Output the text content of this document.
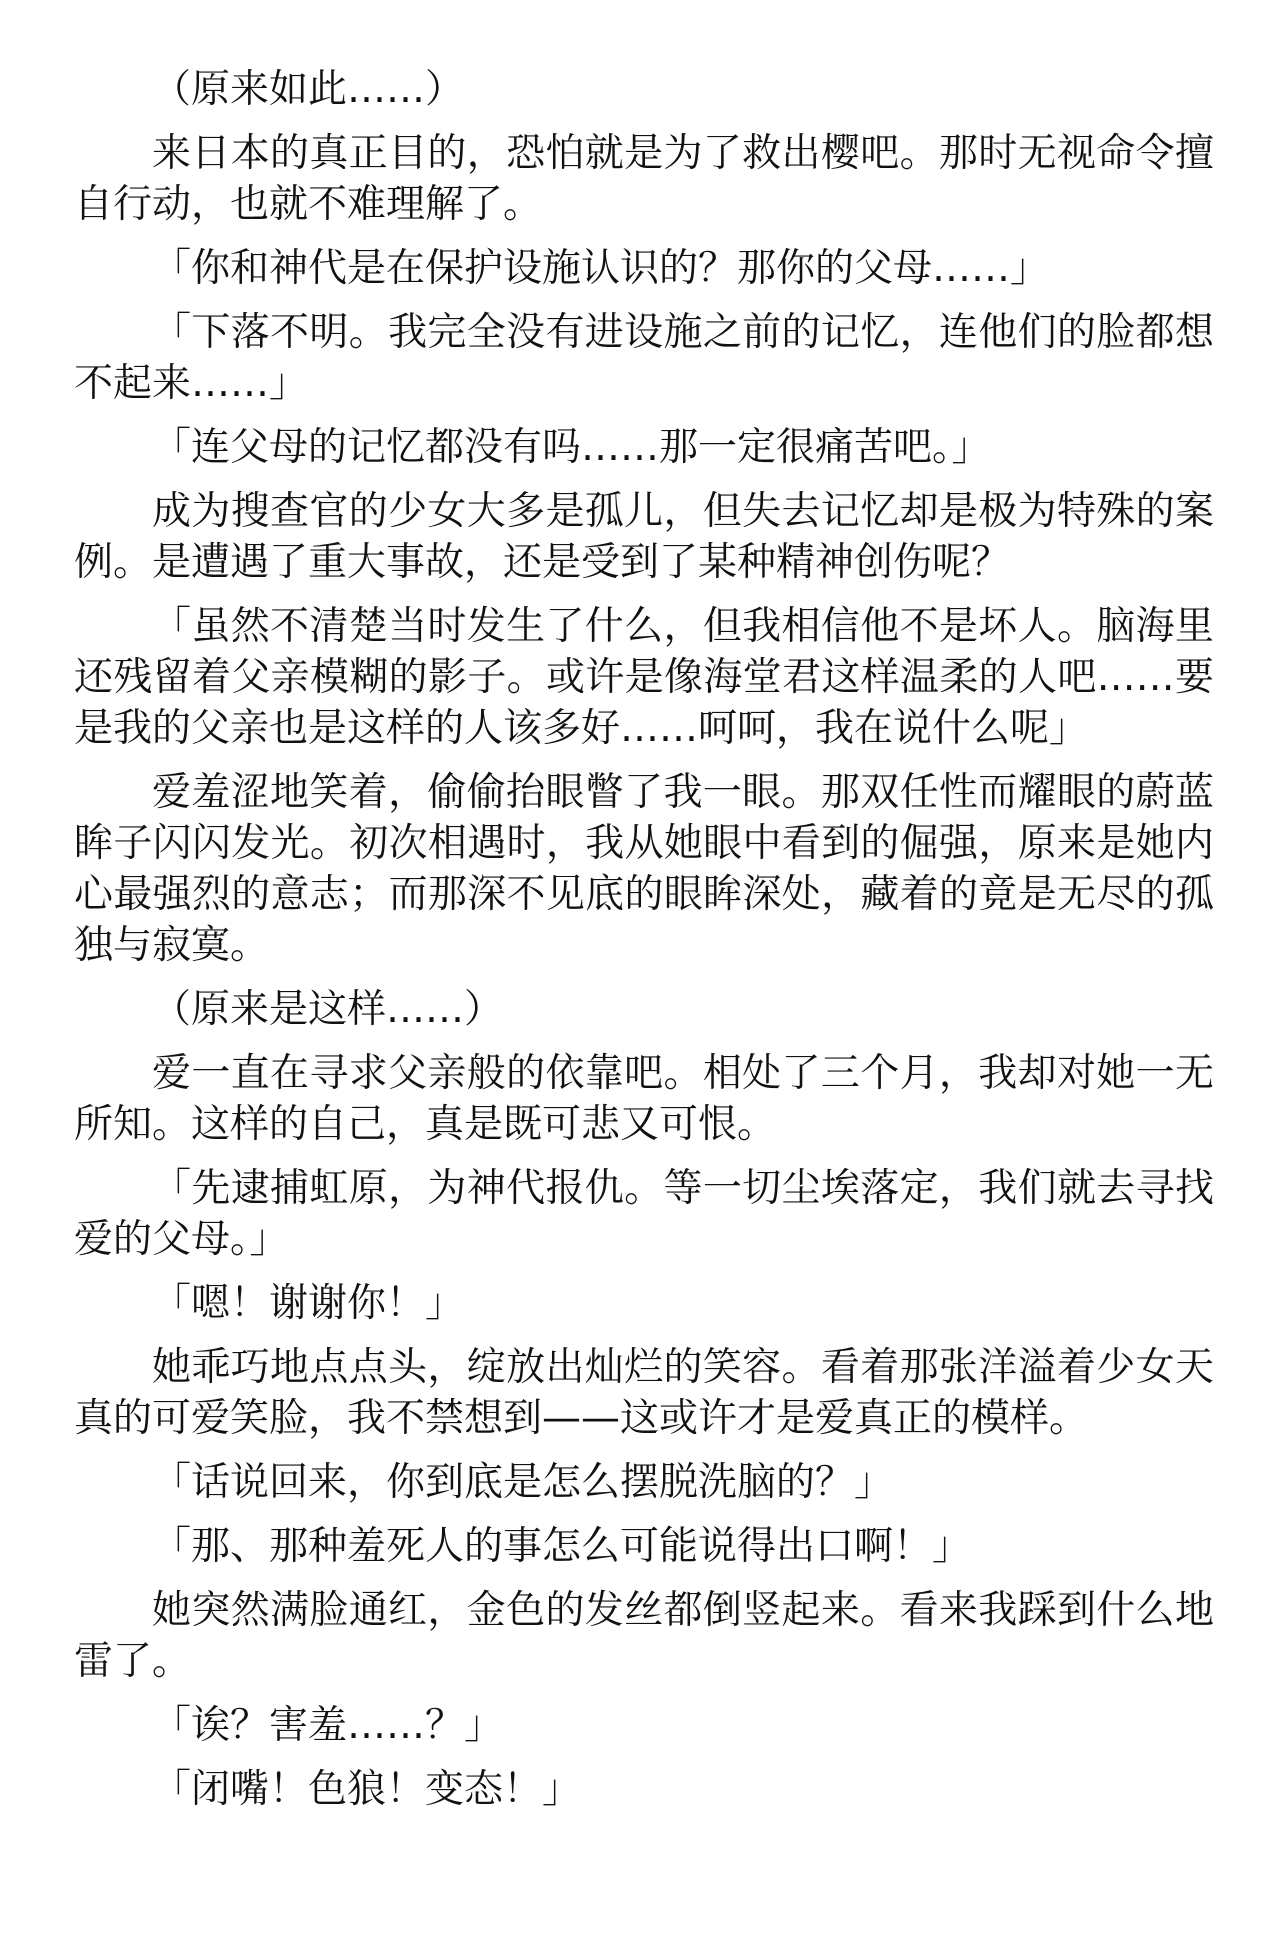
（原来如此……）

来日本的真正目的，恐怕就是为了救出樱吧。那时无视命令擅自行动，也就不难理解了。

「你和神代是在保护设施认识的？那你的父母……」

「下落不明。我完全没有进设施之前的记忆，连他们的脸都想不起来……」

「连父母的记忆都没有吗……那一定很痛苦吧。」

成为搜查官的少女大多是孤儿，但失去记忆却是极为特殊的案例。是遭遇了重大事故，还是受到了某种精神创伤呢？

「虽然不清楚当时发生了什么，但我相信他不是坏人。脑海里还残留着父亲模糊的影子。或许是像海堂君这样温柔的人吧……要是我的父亲也是这样的人该多好……呵呵，我在说什么呢」

爱羞涩地笑着，偷偷抬眼瞥了我一眼。那双任性而耀眼的蔚蓝眸子闪闪发光。初次相遇时，我从她眼中看到的倔强，原来是她内心最强烈的意志；而那深不见底的眼眸深处，藏着的竟是无尽的孤独与寂寞。

（原来是这样……）

爱一直在寻求父亲般的依靠吧。相处了三个月，我却对她一无所知。这样的自己，真是既可悲又可恨。

「先逮捕虹原，为神代报仇。等一切尘埃落定，我们就去寻找爱的父母。」

「嗯！谢谢你！」

她乖巧地点点头，绽放出灿烂的笑容。看着那张洋溢着少女天真的可爱笑脸，我不禁想到——这或许才是爱真正的模样。

「话说回来，你到底是怎么摆脱洗脑的？」

「那、那种羞死人的事怎么可能说得出口啊！」

她突然满脸通红，金色的发丝都倒竖起来。看来我踩到什么地雷了。

「诶？害羞……？」

「闭嘴！色狼！变态！」
